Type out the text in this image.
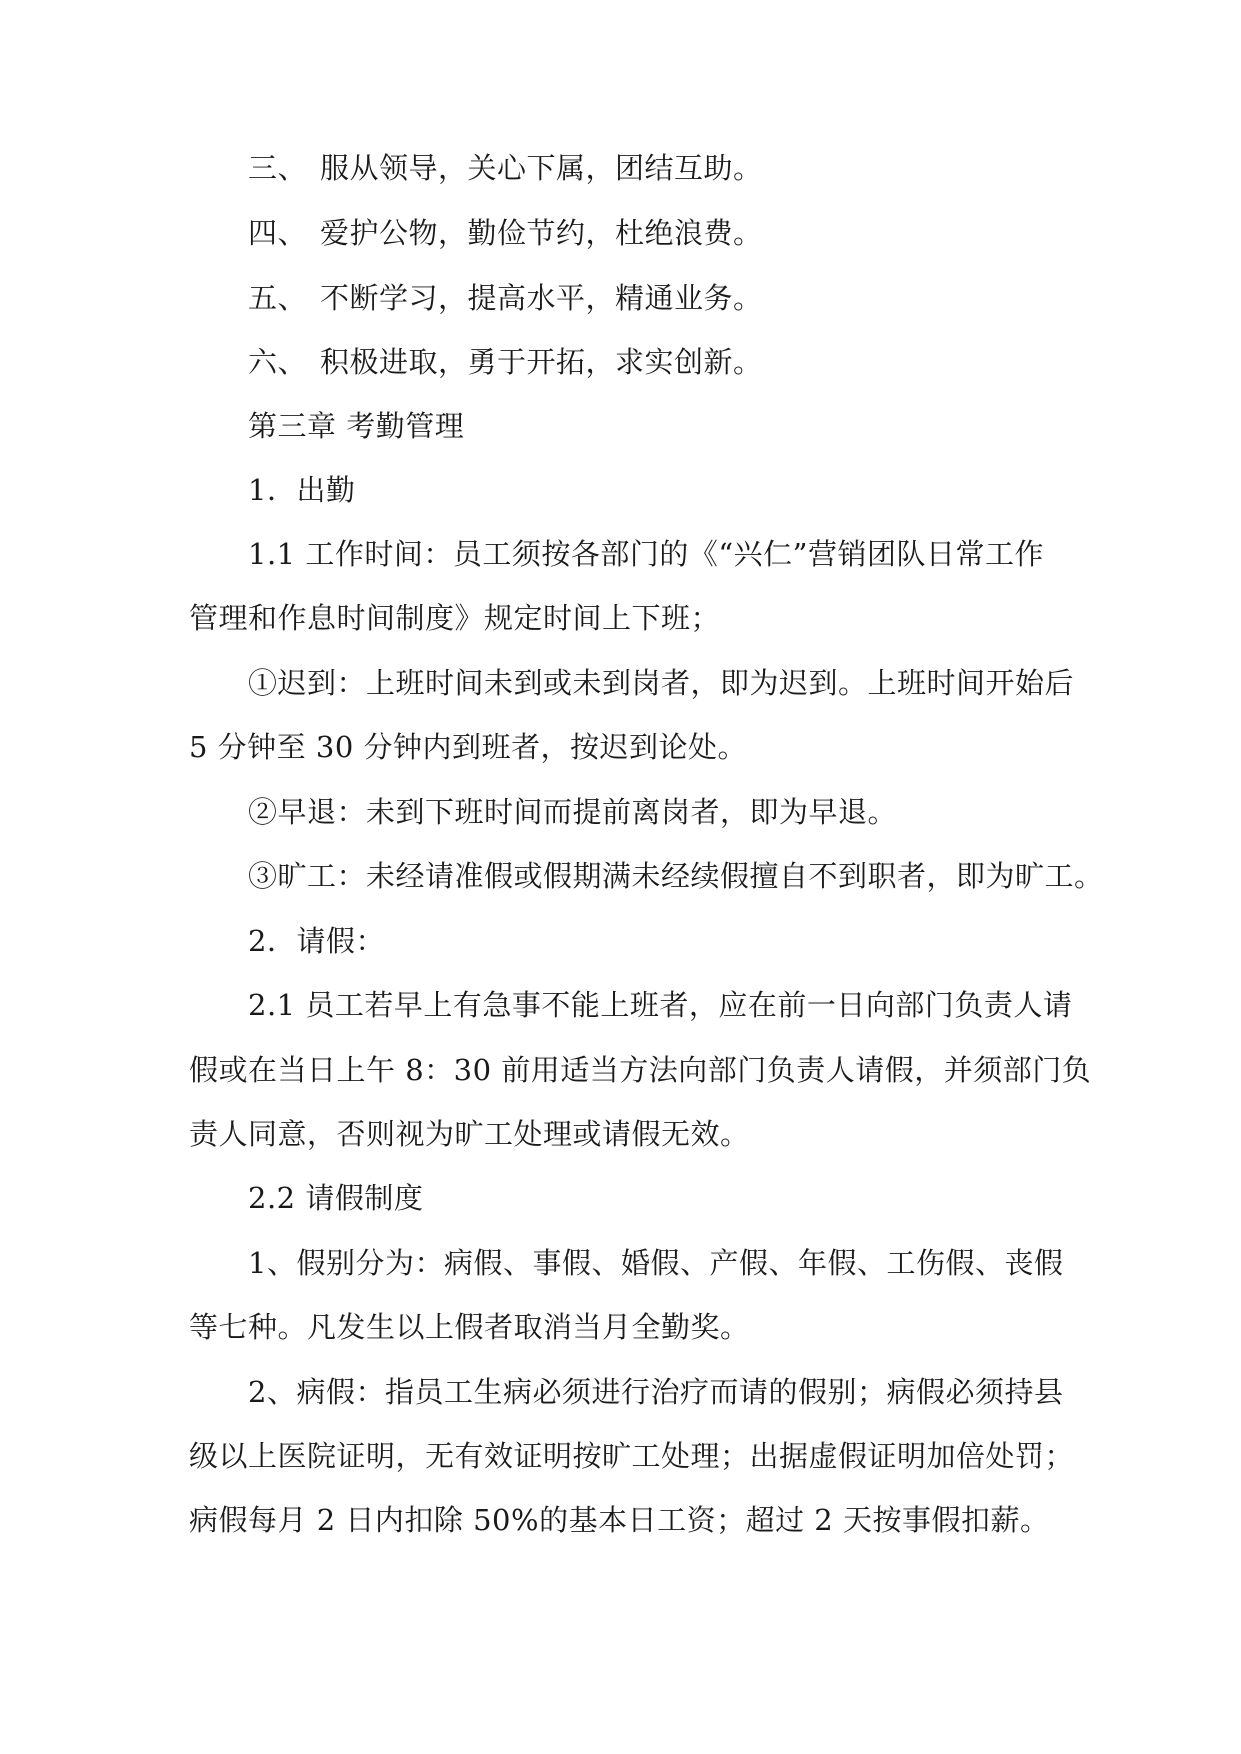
三、 服从领导，关心下属，团结互助。
四、 爱护公物，勤俭节约，杜绝浪费。
五、 不断学习，提高水平，精通业务。
六、 积极进取，勇于开拓，求实创新。
第三章 考勤管理
1．出勤
1.1 工作时间：员工须按各部门的《“兴仁”营销团队日常工作
管理和作息时间制度》规定时间上下班；
①迟到：上班时间未到或未到岗者，即为迟到。上班时间开始后
5 分钟至 30 分钟内到班者，按迟到论处。
②早退：未到下班时间而提前离岗者，即为早退。
③旷工：未经请准假或假期满未经续假擅自不到职者，即为旷工。
2．请假：
2.1 员工若早上有急事不能上班者，应在前一日向部门负责人请
假或在当日上午 8：30 前用适当方法向部门负责人请假，并须部门负
责人同意，否则视为旷工处理或请假无效。
2.2 请假制度
1、假别分为：病假、事假、婚假、产假、年假、工伤假、丧假
等七种。凡发生以上假者取消当月全勤奖。
2、病假：指员工生病必须进行治疗而请的假别；病假必须持县
级以上医院证明，无有效证明按旷工处理；出据虚假证明加倍处罚；
病假每月 2 日内扣除 50%的基本日工资；超过 2 天按事假扣薪。
